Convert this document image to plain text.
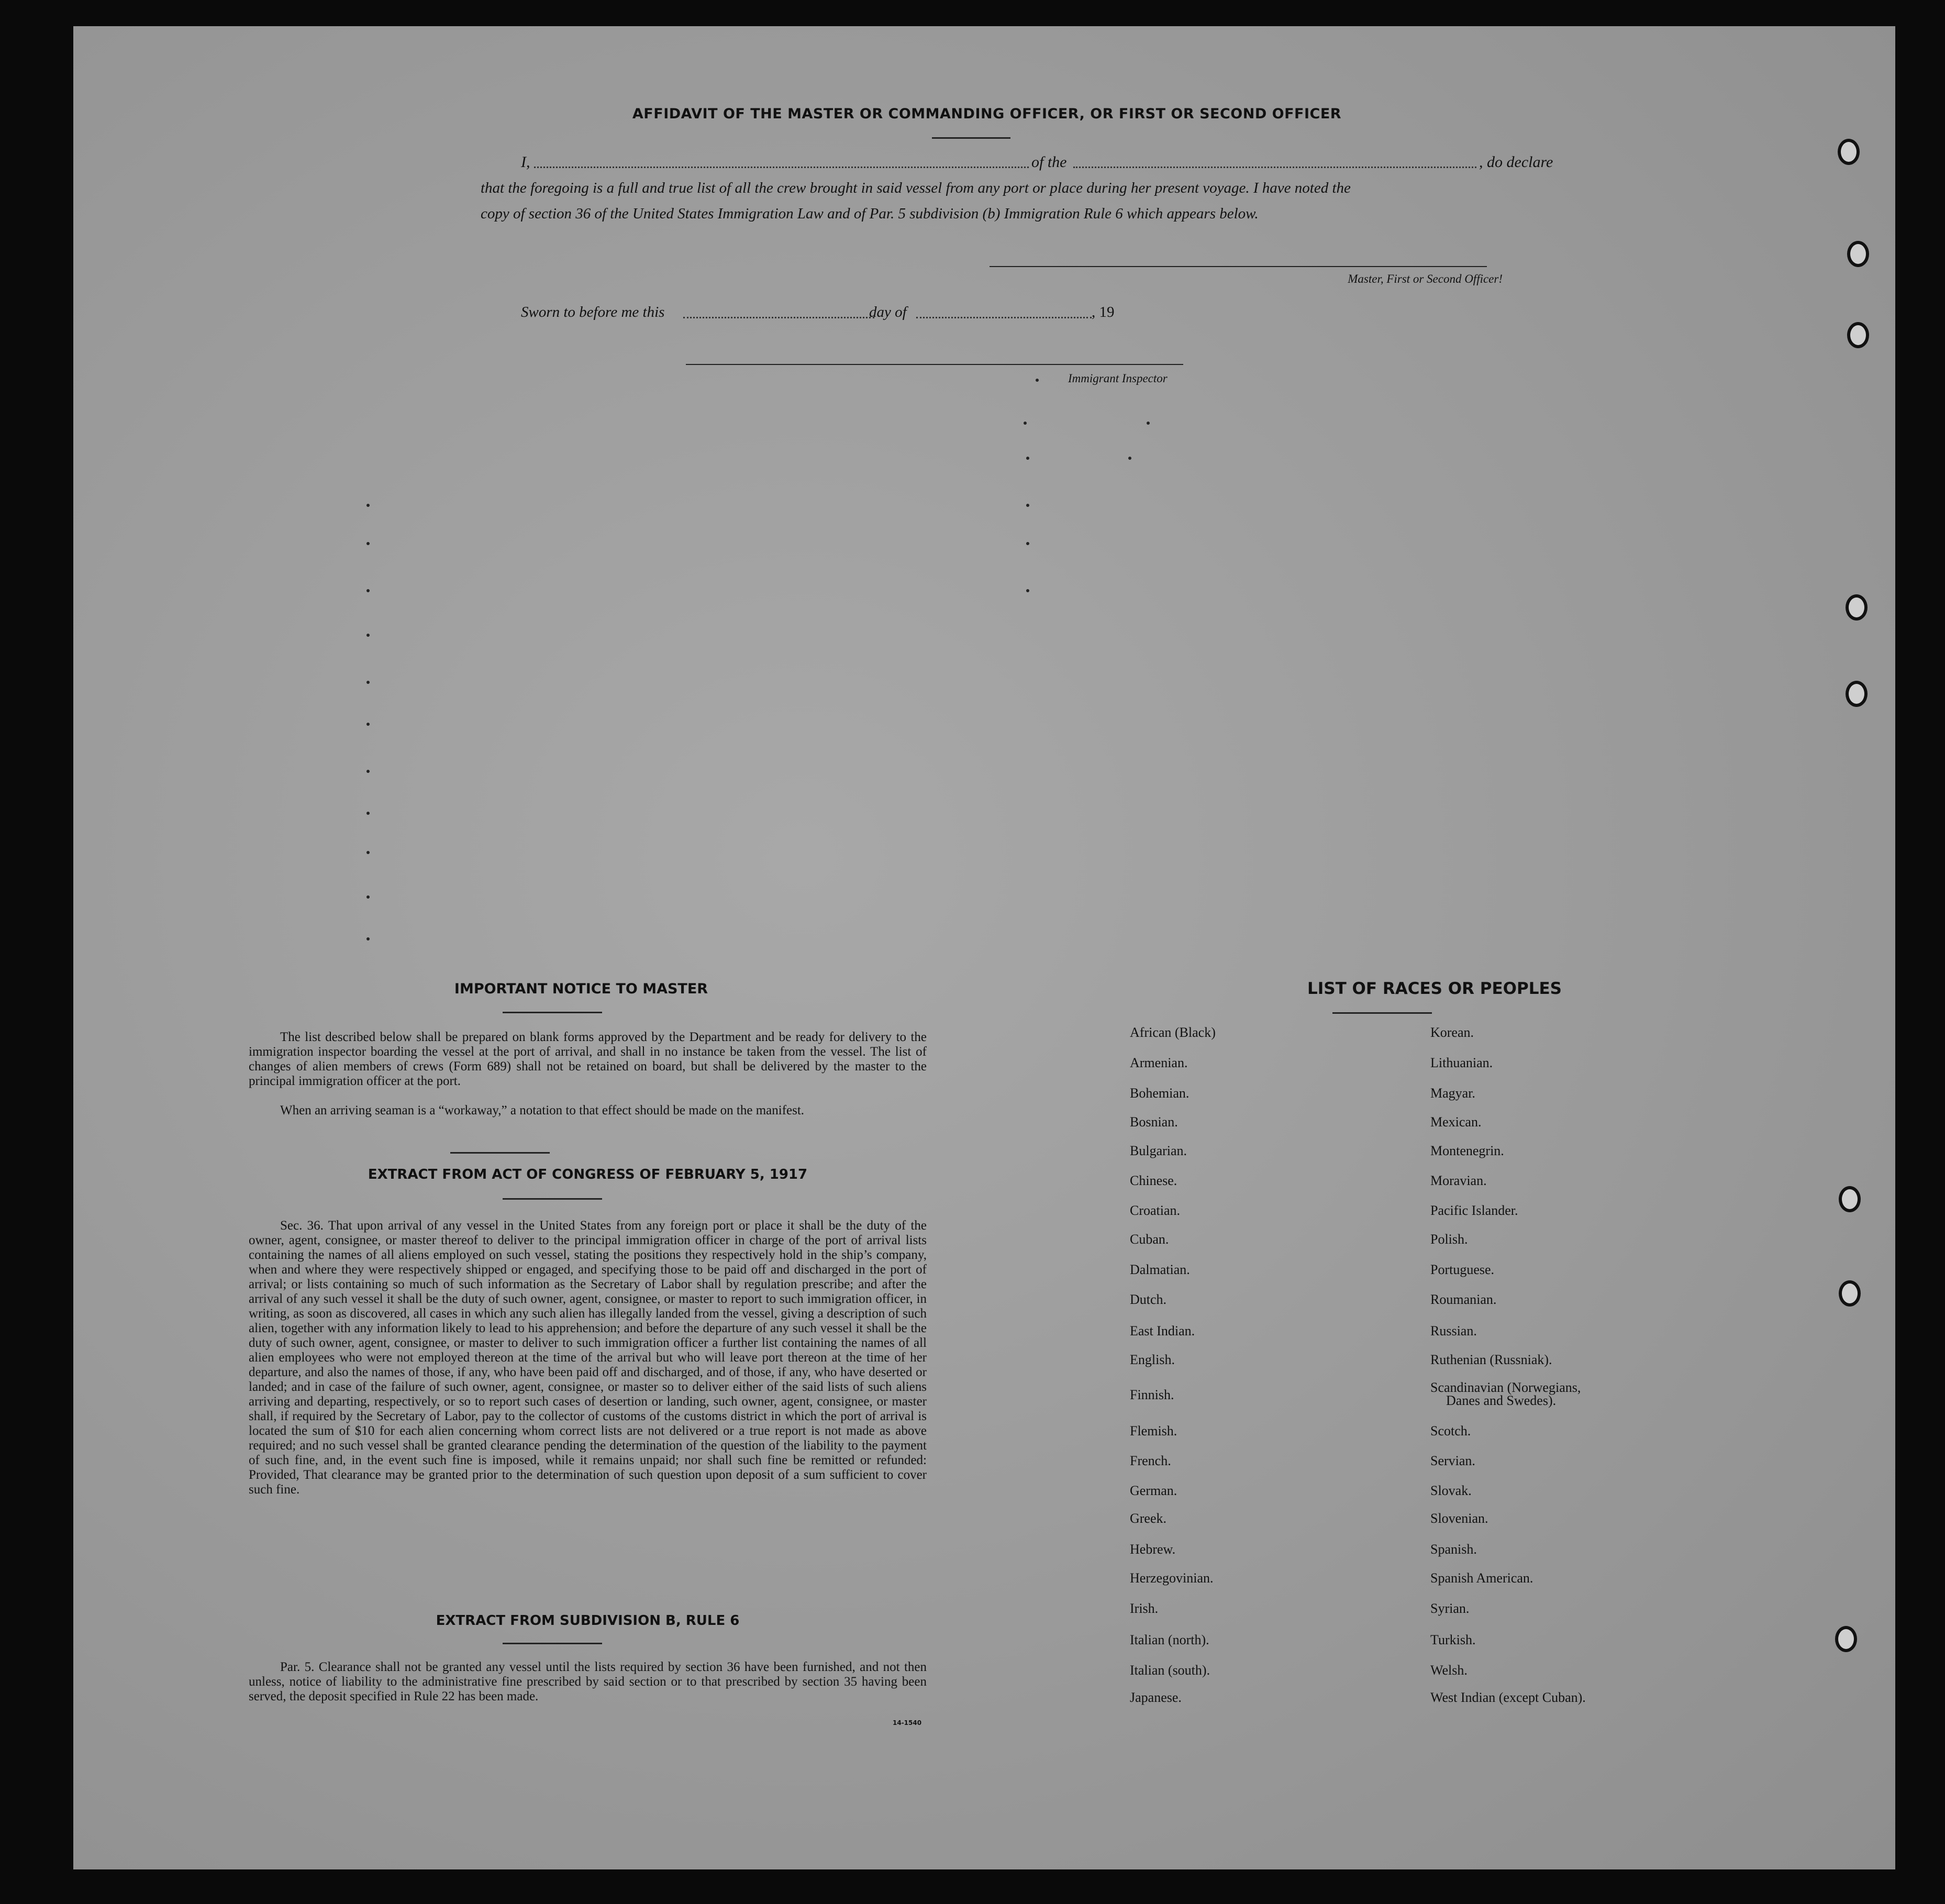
AFFIDAVIT OF THE MASTER OR COMMANDING OFFICER, OR FIRST OR SECOND OFFICER
I,	of the	, do declare
that the foregoing is a full and true list of all the crew brought in said vessel from any port or place during her present voyage. I have noted the
copy of section 36 of the United States Immigration Law and of Par. 5 subdivision (b) Immigration Rule 6 which appears below.
Master, First or Second Officer!
Sworn to before me this	day of	, 19
Immigrant Inspector
IMPORTANT NOTICE TO MASTER
The list described below shall be prepared on blank forms approved by the Department and be ready for delivery to the immigration inspector boarding the vessel at the port of arrival, and shall in no instance be taken from the vessel. The list of changes of alien members of crews (Form 689) shall not be retained on board, but shall be delivered by the master to the principal immigration officer at the port.
When an arriving seaman is a “workaway,” a notation to that effect should be made on the manifest.
EXTRACT FROM ACT OF CONGRESS OF FEBRUARY 5, 1917
Sec. 36. That upon arrival of any vessel in the United States from any foreign port or place it shall be the duty of the owner, agent, consignee, or master thereof to deliver to the principal immigration officer in charge of the port of arrival lists containing the names of all aliens employed on such vessel, stating the positions they respectively hold in the ship’s company, when and where they were respectively shipped or engaged, and specifying those to be paid off and discharged in the port of arrival; or lists containing so much of such information as the Secretary of Labor shall by regulation prescribe; and after the arrival of any such vessel it shall be the duty of such owner, agent, consignee, or master to report to such immigration officer, in writing, as soon as discovered, all cases in which any such alien has illegally landed from the vessel, giving a description of such alien, together with any information likely to lead to his apprehension; and before the departure of any such vessel it shall be the duty of such owner, agent, consignee, or master to deliver to such immigration officer a further list containing the names of all alien employees who were not employed thereon at the time of the arrival but who will leave port thereon at the time of her departure, and also the names of those, if any, who have been paid off and discharged, and of those, if any, who have deserted or landed; and in case of the failure of such owner, agent, consignee, or master so to deliver either of the said lists of such aliens arriving and departing, respectively, or so to report such cases of desertion or landing, such owner, agent, consignee, or master shall, if required by the Secretary of Labor, pay to the collector of customs of the customs district in which the port of arrival is located the sum of $10 for each alien concerning whom correct lists are not delivered or a true report is not made as above required; and no such vessel shall be granted clearance pending the determination of the question of the liability to the payment of such fine, and, in the event such fine is imposed, while it remains unpaid; nor shall such fine be remitted or refunded: Provided, That clearance may be granted prior to the determination of such question upon deposit of a sum sufficient to cover such fine.
EXTRACT FROM SUBDIVISION B, RULE 6
Par. 5. Clearance shall not be granted any vessel until the lists required by section 36 have been furnished, and not then unless, notice of liability to the administrative fine prescribed by said section or to that prescribed by section 35 having been served, the deposit specified in Rule 22 has been made.
14-1540
LIST OF RACES OR PEOPLES
African (Black)
Armenian.
Bohemian.
Bosnian.
Bulgarian.
Chinese.
Croatian.
Cuban.
Dalmatian.
Dutch.
East Indian.
English.
Finnish.
Flemish.
French.
German.
Greek.
Hebrew.
Herzegovinian.
Irish.
Italian (north).
Italian (south).
Japanese.
Korean.
Lithuanian.
Magyar.
Mexican.
Montenegrin.
Moravian.
Pacific Islander.
Polish.
Portuguese.
Roumanian.
Russian.
Ruthenian (Russniak).
Scandinavian (Norwegians,
Danes and Swedes).
Scotch.
Servian.
Slovak.
Slovenian.
Spanish.
Spanish American.
Syrian.
Turkish.
Welsh.
West Indian (except Cuban).
